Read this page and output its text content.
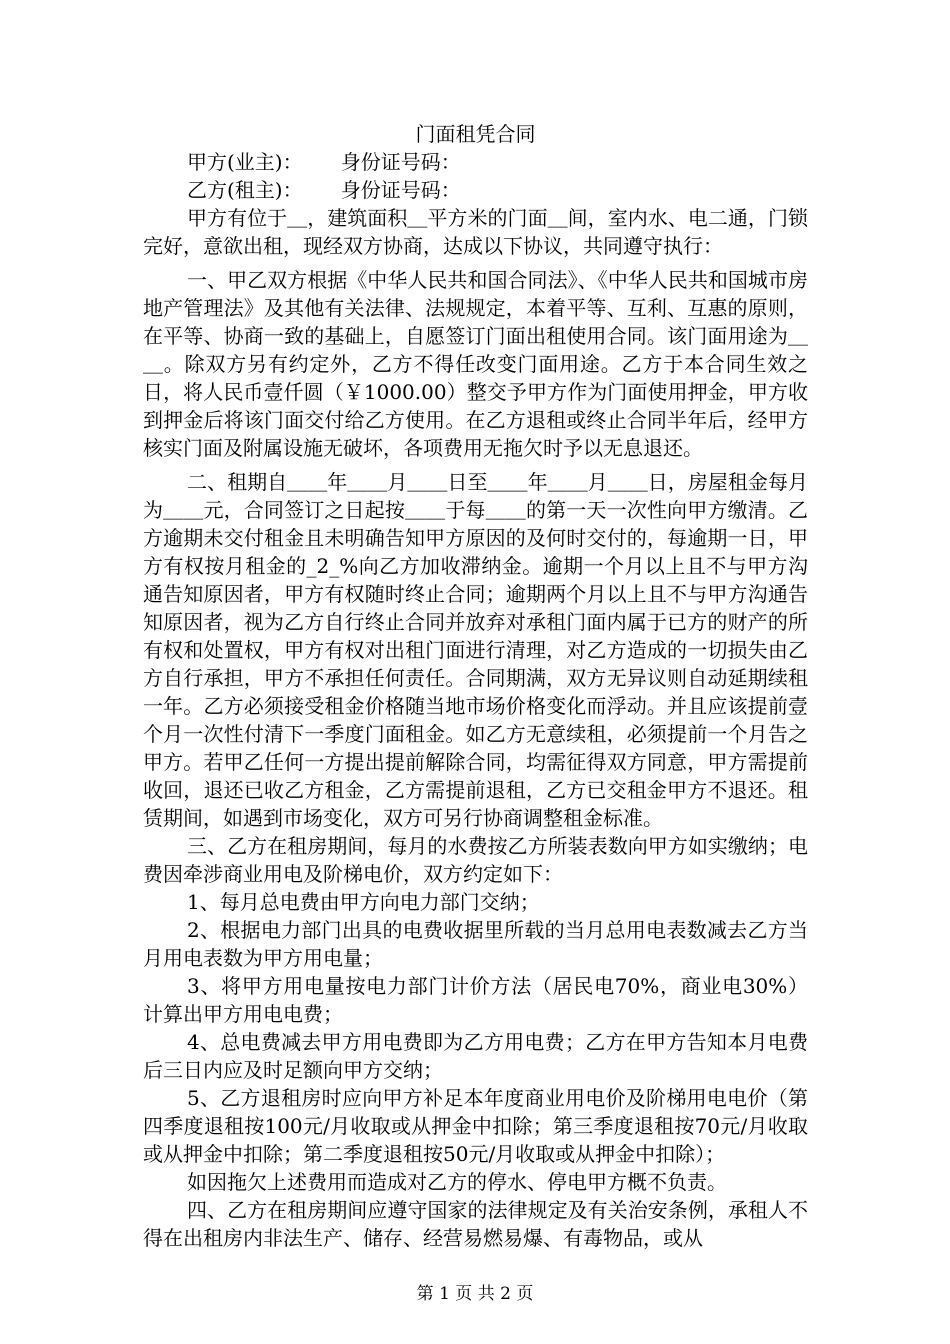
门面租凭合同
甲方(业主)：      身份证号码：
乙方(租主)：      身份证号码：

甲方有位于＿，建筑面积＿平方米的门面＿间，室内水、电二通，门锁完好，意欲出租，现经双方协商，达成以下协议，共同遵守执行：

一、甲乙双方根据《中华人民共和国合同法》、《中华人民共和国城市房地产管理法》及其他有关法律、法规规定，本着平等、互利、互惠的原则，在平等、协商一致的基础上，自愿签订门面出租使用合同。该门面用途为＿＿。除双方另有约定外，乙方不得任改变门面用途。乙方于本合同生效之日，将人民币壹仟圆（￥1000.00）整交予甲方作为门面使用押金，甲方收到押金后将该门面交付给乙方使用。在乙方退租或终止合同半年后，经甲方核实门面及附属设施无破坏，各项费用无拖欠时予以无息退还。

二、租期自＿＿年＿＿月＿＿日至＿＿年＿＿月＿＿日，房屋租金每月为＿＿元，合同签订之日起按＿＿于每＿＿的第一天一次性向甲方缴清。乙方逾期未交付租金且未明确告知甲方原因的及何时交付的，每逾期一日，甲方有权按月租金的_2_%向乙方加收滞纳金。逾期一个月以上且不与甲方沟通告知原因者，甲方有权随时终止合同；逾期两个月以上且不与甲方沟通告知原因者，视为乙方自行终止合同并放弃对承租门面内属于已方的财产的所有权和处置权，甲方有权对出租门面进行清理，对乙方造成的一切损失由乙方自行承担，甲方不承担任何责任。合同期满，双方无异议则自动延期续租一年。乙方必须接受租金价格随当地市场价格变化而浮动。并且应该提前壹个月一次性付清下一季度门面租金。如乙方无意续租，必须提前一个月告之甲方。若甲乙任何一方提出提前解除合同，均需征得双方同意，甲方需提前收回，退还已收乙方租金，乙方需提前退租，乙方已交租金甲方不退还。租赁期间，如遇到市场变化，双方可另行协商调整租金标准。

三、乙方在租房期间，每月的水费按乙方所装表数向甲方如实缴纳；电费因牵涉商业用电及阶梯电价，双方约定如下：

1、每月总电费由甲方向电力部门交纳；

2、根据电力部门出具的电费收据里所载的当月总用电表数减去乙方当月用电表数为甲方用电量；

3、将甲方用电量按电力部门计价方法（居民电70%，商业电30%）计算出甲方用电电费；

4、总电费减去甲方用电费即为乙方用电费；乙方在甲方告知本月电费后三日内应及时足额向甲方交纳；

5、乙方退租房时应向甲方补足本年度商业用电价及阶梯用电电价（第四季度退租按100元/月收取或从押金中扣除；第三季度退租按70元/月收取或从押金中扣除；第二季度退租按50元/月收取或从押金中扣除）；

如因拖欠上述费用而造成对乙方的停水、停电甲方概不负责。

四、乙方在租房期间应遵守国家的法律规定及有关治安条例，承租人不得在出租房内非法生产、储存、经营易燃易爆、有毒物品，或从

第 1 页 共 2 页
